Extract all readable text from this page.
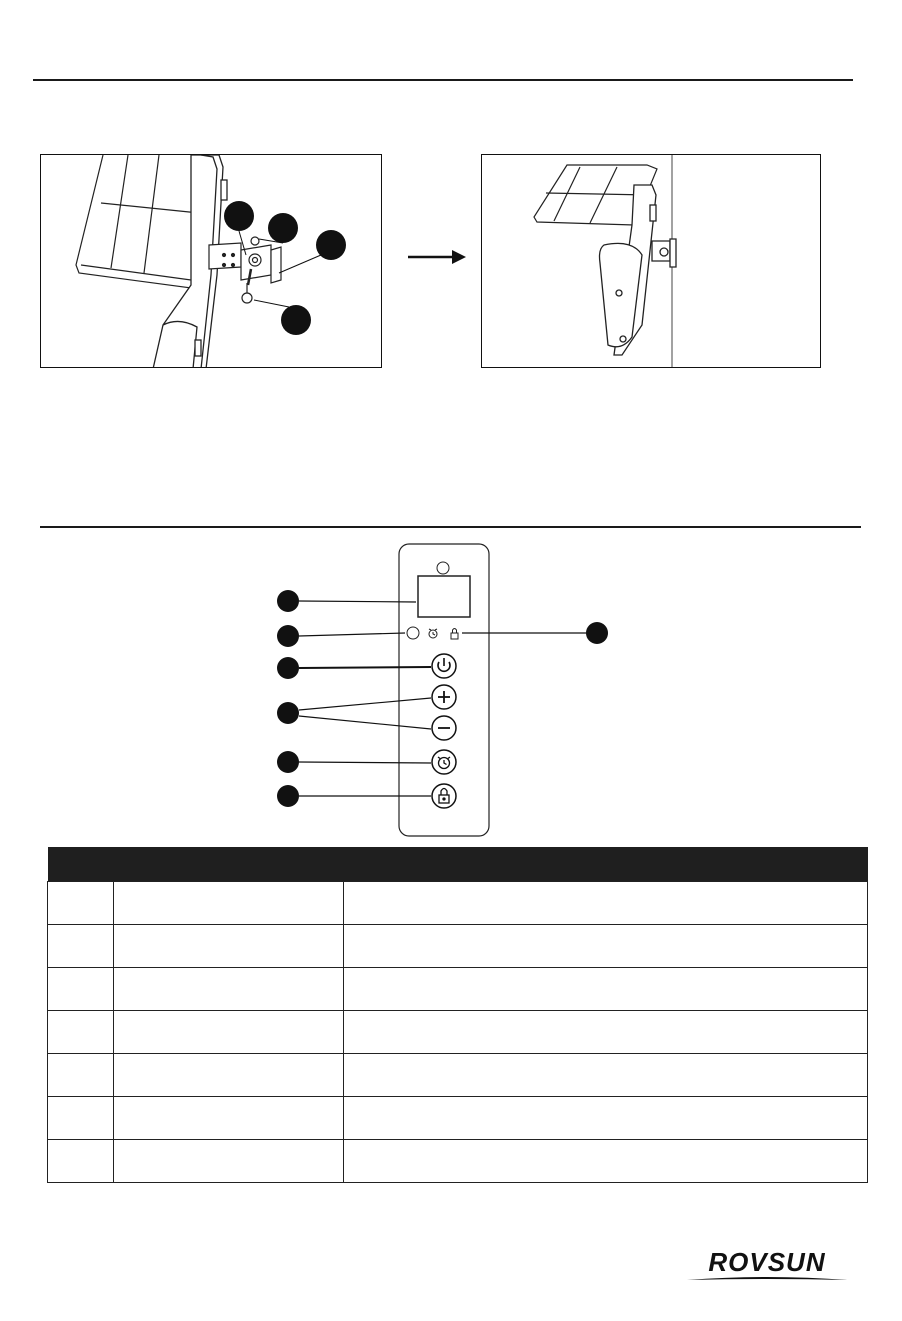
ROVSUN
